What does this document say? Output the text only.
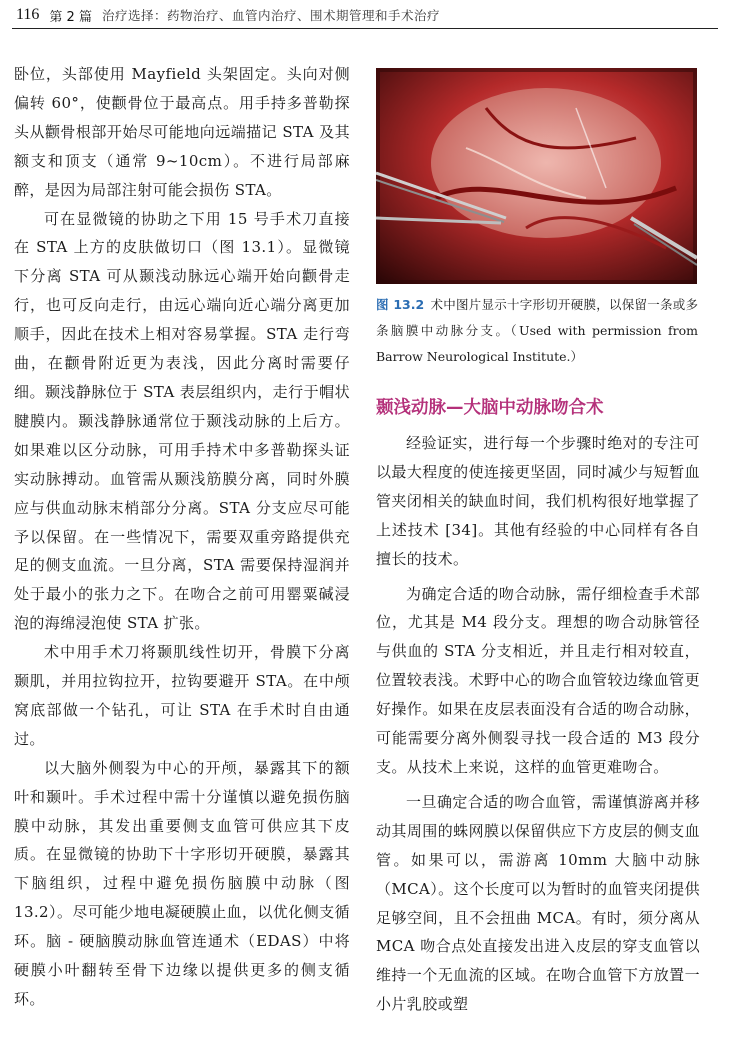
116 第 2 篇 治疗选择：药物治疗、血管内治疗、围术期管理和手术治疗

卧位，头部使用 Mayfield 头架固定。头向对侧偏转 60°，使颧骨位于最高点。用手持多普勒探头从颧骨根部开始尽可能地向远端描记 STA 及其额支和顶支（通常 9~10cm）。不进行局部麻醉，是因为局部注射可能会损伤 STA。

可在显微镜的协助之下用 15 号手术刀直接在 STA 上方的皮肤做切口（图 13.1）。显微镜下分离 STA 可从颞浅动脉远心端开始向颧骨走行，也可反向走行，由远心端向近心端分离更加顺手，因此在技术上相对容易掌握。STA 走行弯曲，在颧骨附近更为表浅，因此分离时需要仔细。颞浅静脉位于 STA 表层组织内，走行于帽状腱膜内。颞浅静脉通常位于颞浅动脉的上后方。如果难以区分动脉，可用手持术中多普勒探头证实动脉搏动。血管需从颞浅筋膜分离，同时外膜应与供血动脉末梢部分分离。STA 分支应尽可能予以保留。在一些情况下，需要双重旁路提供充足的侧支血流。一旦分离，STA 需要保持湿润并处于最小的张力之下。在吻合之前可用罂粟碱浸泡的海绵浸泡使 STA 扩张。

术中用手术刀将颞肌线性切开，骨膜下分离颞肌，并用拉钩拉开，拉钩要避开 STA。在中颅窝底部做一个钻孔，可让 STA 在手术时自由通过。

以大脑外侧裂为中心的开颅，暴露其下的额叶和颞叶。手术过程中需十分谨慎以避免损伤脑膜中动脉，其发出重要侧支血管可供应其下皮质。在显微镜的协助下十字形切开硬膜，暴露其下脑组织，过程中避免损伤脑膜中动脉（图 13.2）。尽可能少地电凝硬膜止血，以优化侧支循环。脑 - 硬脑膜动脉血管连通术（EDAS）中将硬膜小叶翻转至骨下边缘以提供更多的侧支循环。

图 13.2 术中图片显示十字形切开硬膜，以保留一条或多条脑膜中动脉分支。（Used with permission from Barrow Neurological Institute.）
颞浅动脉—大脑中动脉吻合术

经验证实，进行每一个步骤时绝对的专注可以最大程度的使连接更坚固，同时减少与短暂血管夹闭相关的缺血时间，我们机构很好地掌握了上述技术 [34]。其他有经验的中心同样有各自擅长的技术。

为确定合适的吻合动脉，需仔细检查手术部位，尤其是 M4 段分支。理想的吻合动脉管径与供血的 STA 分支相近，并且走行相对较直，位置较表浅。术野中心的吻合血管较边缘血管更好操作。如果在皮层表面没有合适的吻合动脉，可能需要分离外侧裂寻找一段合适的 M3 段分支。从技术上来说，这样的血管更难吻合。

一旦确定合适的吻合血管，需谨慎游离并移动其周围的蛛网膜以保留供应下方皮层的侧支血管。如果可以，需游离 10mm 大脑中动脉（MCA）。这个长度可以为暂时的血管夹闭提供足够空间，且不会扭曲 MCA。有时，须分离从 MCA 吻合点处直接发出进入皮层的穿支血管以维持一个无血流的区域。在吻合血管下方放置一小片乳胶或塑
